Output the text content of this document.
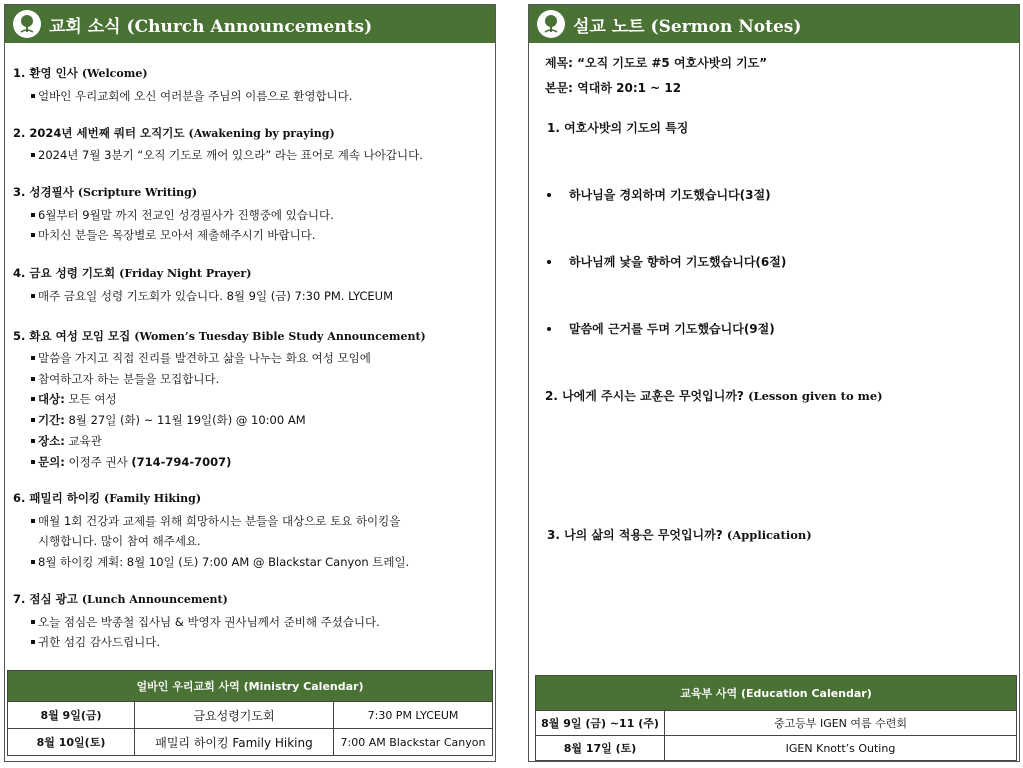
교회 소식 (Church Announcements)
1. 환영 인사 (Welcome)
얼바인 우리교회에 오신 여러분을 주님의 이름으로 환영합니다.
2. 2024년 세번째 쿼터 오직기도 (Awakening by praying)
2024년 7월 3분기 “오직 기도로 깨어 있으라” 라는 표어로 계속 나아갑니다.
3. 성경필사 (Scripture Writing)
6월부터 9월말 까지 전교인 성경필사가 진행중에 있습니다.
마치신 분들은 목장별로 모아서 제출해주시기 바랍니다.
4. 금요 성령 기도회 (Friday Night Prayer)
매주 금요일 성령 기도회가 있습니다. 8월 9일 (금) 7:30 PM. LYCEUM
5. 화요 여성 모임 모집 (Women’s Tuesday Bible Study Announcement)
말씀을 가지고 직접 진리를 발견하고 삶을 나누는 화요 여성 모임에
참여하고자 하는 분들을 모집합니다.
대상: 모든 여성
기간: 8월 27일 (화) ~ 11월 19일(화) @ 10:00 AM
장소: 교육관
문의: 이정주 권사 (714-794-7007)
6. 패밀리 하이킹 (Family Hiking)
매월 1회 건강과 교제를 위해 희망하시는 분들을 대상으로 토요 하이킹을
시행합니다. 많이 참여 해주세요.
8월 하이킹 계획: 8월 10일 (토) 7:00 AM @ Blackstar Canyon 트레일.
7. 점심 광고 (Lunch Announcement)
오늘 점심은 박종철 집사님 & 박영자 권사님께서 준비해 주셨습니다.
귀한 섬김 감사드립니다.
얼바인 우리교회 사역 (Ministry Calendar)		
8월 9일(금)	금요성령기도회	7:30 PM LYCEUM
8월 10일(토)	패밀리 하이킹 Family Hiking	7:00 AM Blackstar Canyon
설교 노트 (Sermon Notes)
제목: “오직 기도로 #5 여호사밧의 기도”
본문: 역대하 20:1 ~ 12
1. 여호사밧의 기도의 특징
하나님을 경외하며 기도했습니다(3절)
하나님께 낯을 향하여 기도했습니다(6절)
말씀에 근거를 두며 기도했습니다(9절)
2. 나에게 주시는 교훈은 무엇입니까? (Lesson given to me)
3. 나의 삶의 적용은 무엇입니까? (Application)
교육부 사역 (Education Calendar)	
8월 9일 (금) ~11 (주)	중고등부 IGEN 여름 수련회
8월 17일 (토)	IGEN Knott’s Outing
